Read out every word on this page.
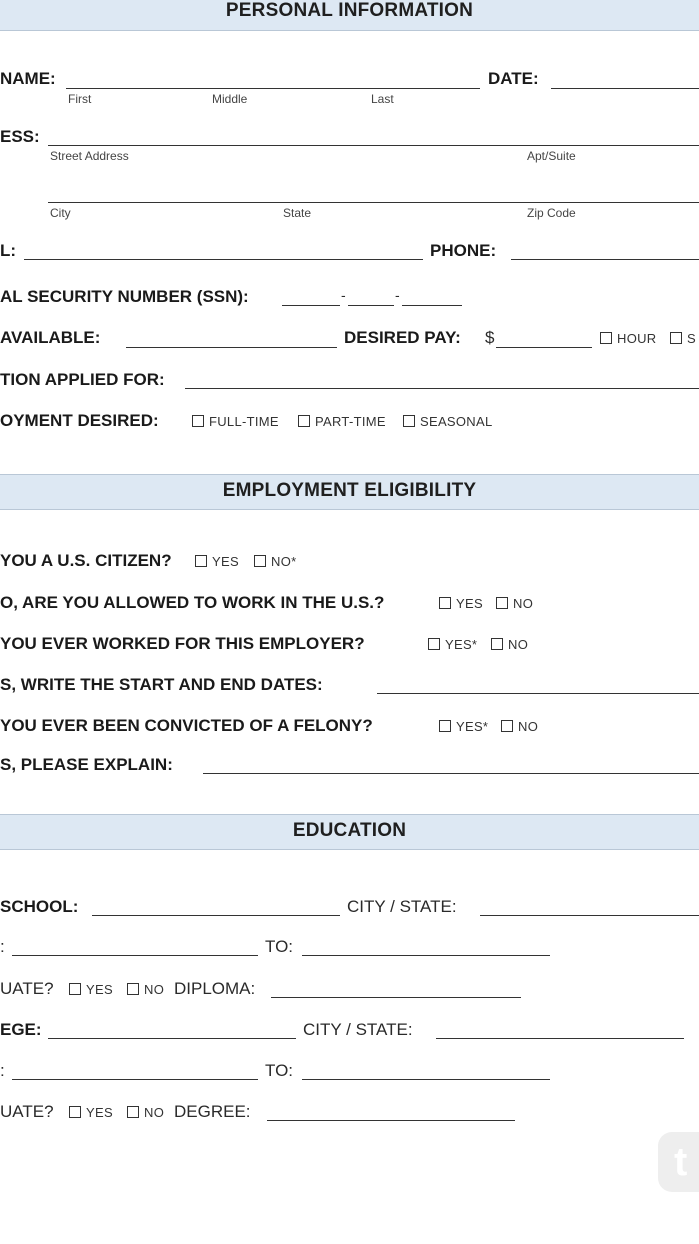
PERSONAL INFORMATION
NAME:
First	Middle	Last
DATE:
ESS:
Street Address	Apt/Suite
City	State	Zip Code
L:	PHONE:
AL SECURITY NUMBER (SSN):	-	-
AVAILABLE:	DESIRED PAY: $	HOUR	S
TION APPLIED FOR:
OYMENT DESIRED:	FULL-TIME	PART-TIME	SEASONAL
EMPLOYMENT ELIGIBILITY
YOU A U.S. CITIZEN?	YES	NO*
O, ARE YOU ALLOWED TO WORK IN THE U.S.?	YES	NO
YOU EVER WORKED FOR THIS EMPLOYER?	YES*	NO
S, WRITE THE START AND END DATES:
YOU EVER BEEN CONVICTED OF A FELONY?	YES*	NO
S, PLEASE EXPLAIN:
EDUCATION
SCHOOL:	CITY / STATE:
:	TO:
UATE?	YES	NO DIPLOMA:
EGE:	CITY / STATE:
:	TO:
UATE?	YES	NO DEGREE:
t
